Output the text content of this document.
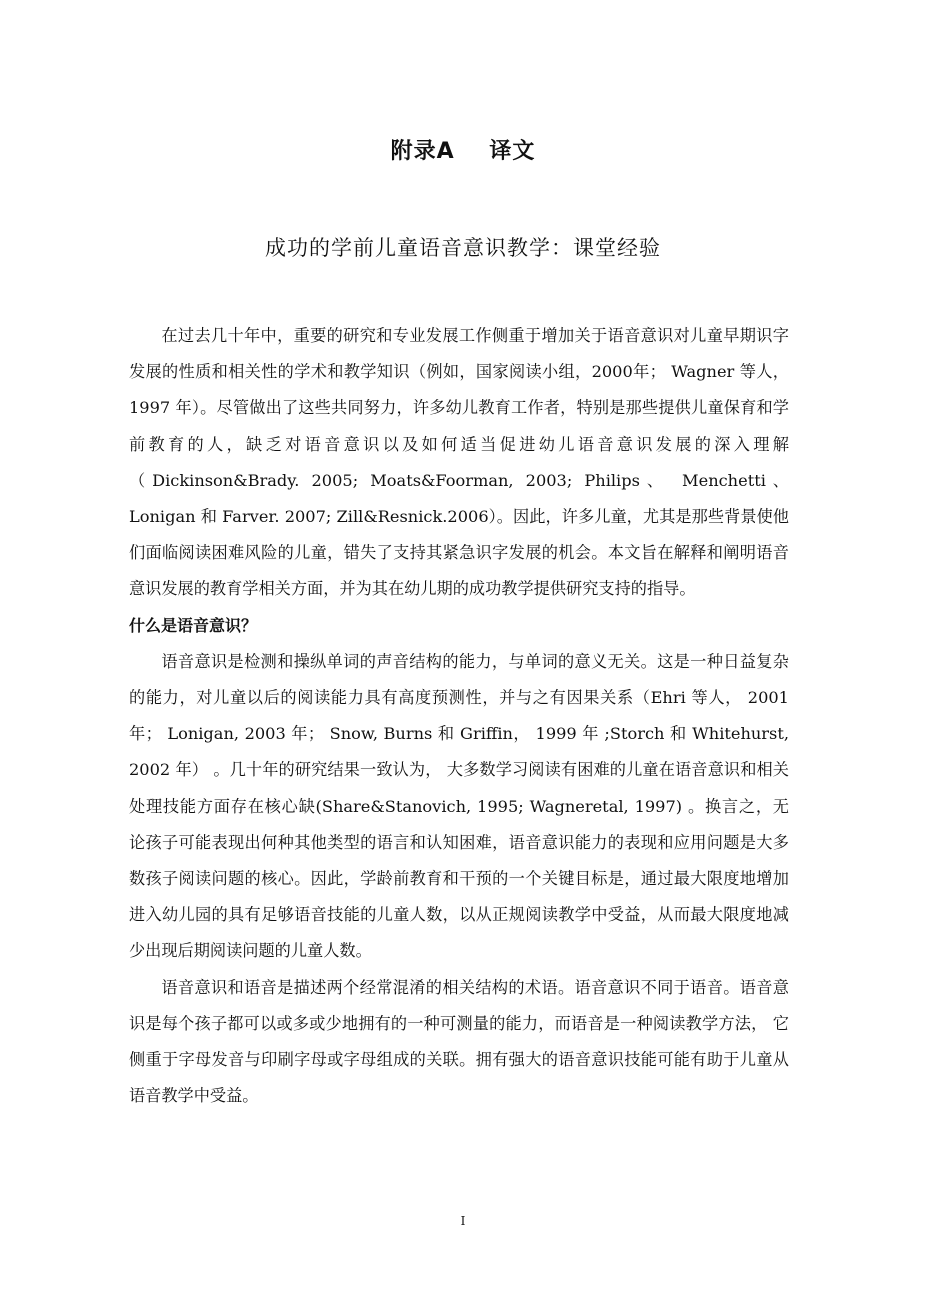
附录A    译文
成功的学前儿童语音意识教学：课堂经验

在过去几十年中，重要的研究和专业发展工作侧重于增加关于语音意识对儿童早期识字发展的性质和相关性的学术和教学知识（例如，国家阅读小组，2000年； Wagner 等人， 1997 年）。尽管做出了这些共同努力，许多幼儿教育工作者，特别是那些提供儿童保育和学前教育的人，缺乏对语音意识以及如何适当促进幼儿语音意识发展的深入理解（Dickinson&Brady. 2005; Moats&Foorman, 2003; Philips、 Menchetti、 Lonigan 和 Farver. 2007; Zill&Resnick.2006）。因此，许多儿童，尤其是那些背景使他们面临阅读困难风险的儿童，错失了支持其紧急识字发展的机会。本文旨在解释和阐明语音意识发展的教育学相关方面，并为其在幼儿期的成功教学提供研究支持的指导。

什么是语音意识？

语音意识是检测和操纵单词的声音结构的能力，与单词的意义无关。这是一种日益复杂的能力，对儿童以后的阅读能力具有高度预测性，并与之有因果关系（Ehri 等人， 2001 年； Lonigan, 2003 年； Snow, Burns 和 Griffin， 1999 年 ;Storch 和 Whitehurst, 2002 年） 。几十年的研究结果一致认为， 大多数学习阅读有困难的儿童在语音意识和相关处理技能方面存在核心缺(Share&Stanovich, 1995; Wagneretal, 1997) 。换言之，无论孩子可能表现出何种其他类型的语言和认知困难，语音意识能力的表现和应用问题是大多数孩子阅读问题的核心。因此，学龄前教育和干预的一个关键目标是，通过最大限度地增加进入幼儿园的具有足够语音技能的儿童人数，以从正规阅读教学中受益，从而最大限度地减少出现后期阅读问题的儿童人数。

语音意识和语音是描述两个经常混淆的相关结构的术语。语音意识不同于语音。语音意识是每个孩子都可以或多或少地拥有的一种可测量的能力，而语音是一种阅读教学方法， 它侧重于字母发音与印刷字母或字母组成的关联。拥有强大的语音意识技能可能有助于儿童从语音教学中受益。

I
